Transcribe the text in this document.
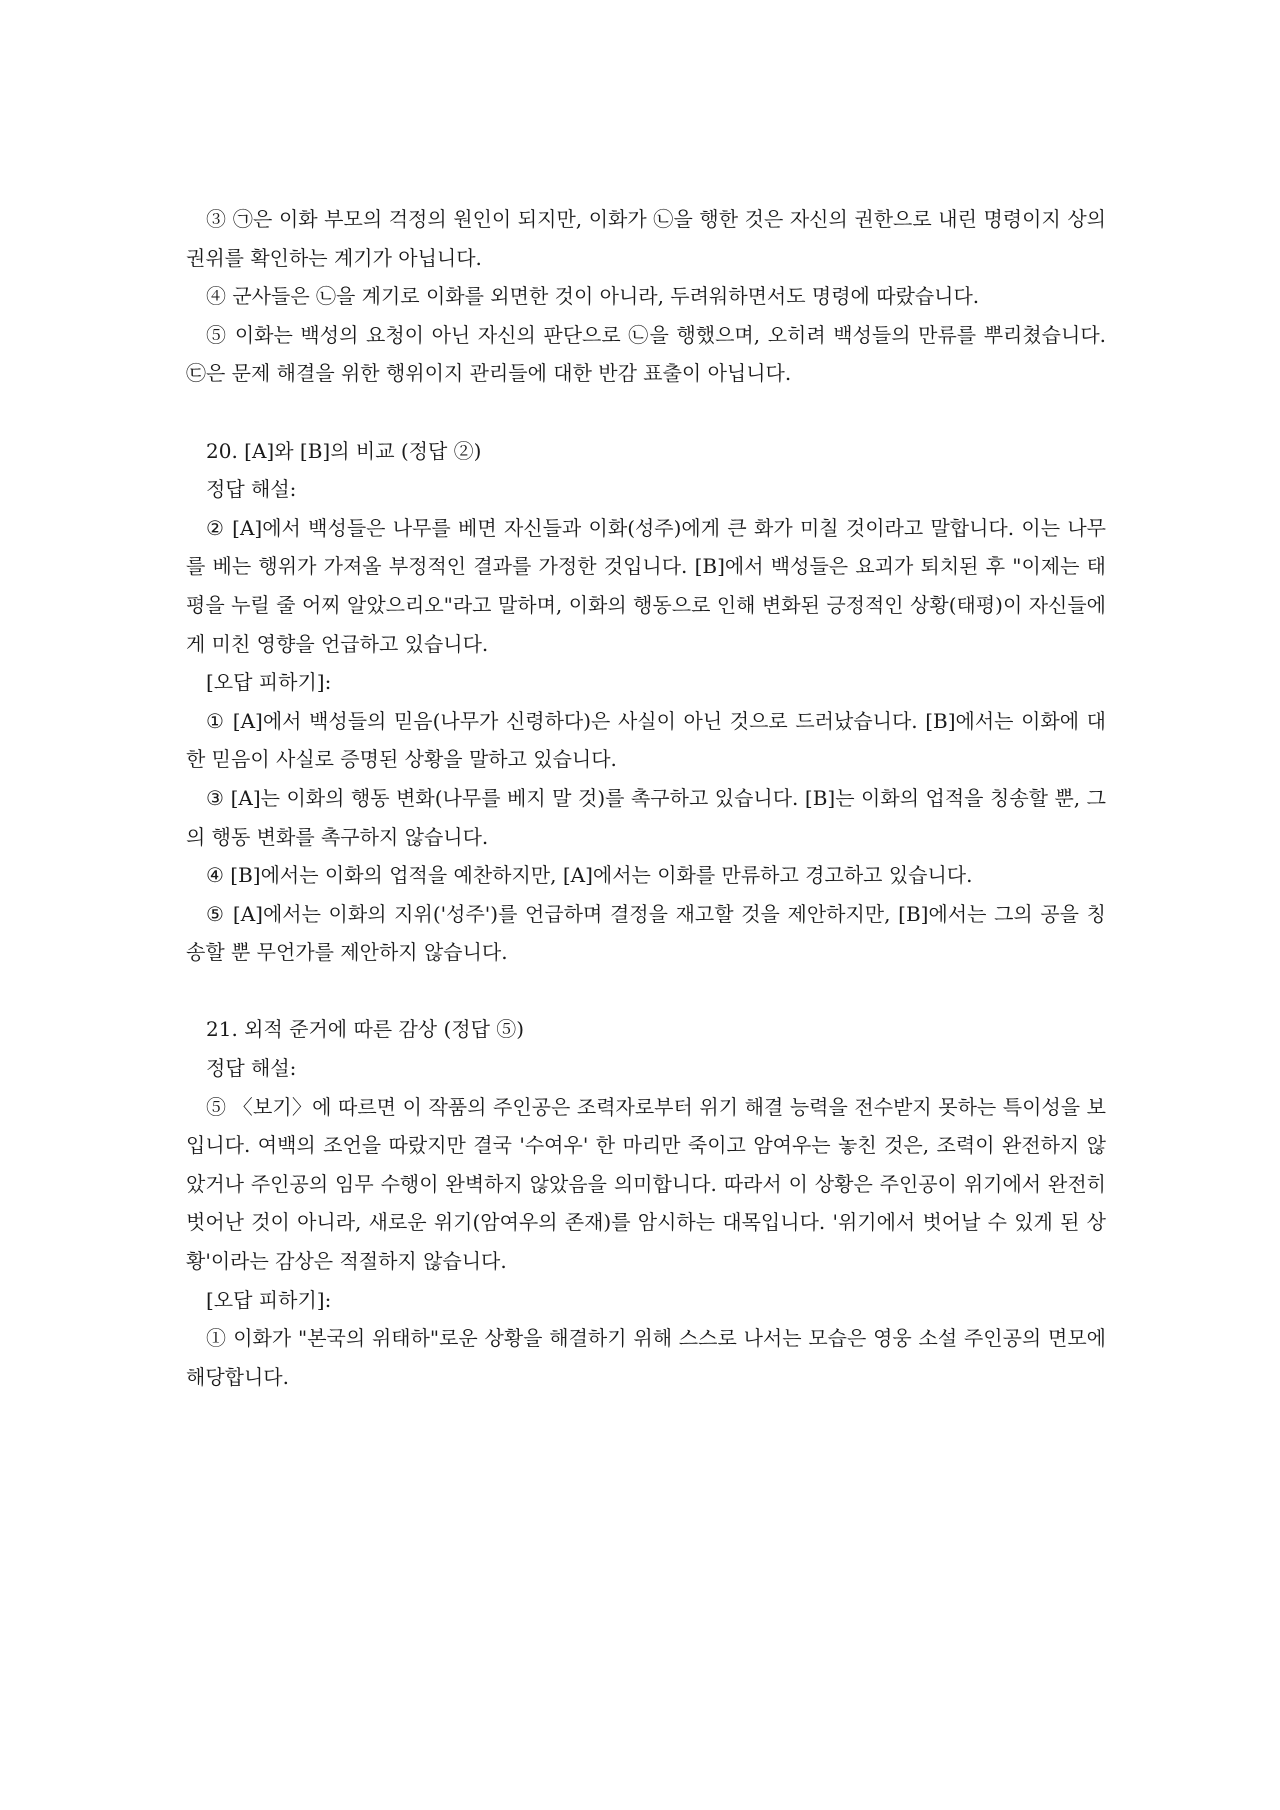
③ ㉠은 이화 부모의 걱정의 원인이 되지만, 이화가 ㉡을 행한 것은 자신의 권한으로 내린 명령이지 상의 권위를 확인하는 계기가 아닙니다.

④ 군사들은 ㉡을 계기로 이화를 외면한 것이 아니라, 두려워하면서도 명령에 따랐습니다.

⑤ 이화는 백성의 요청이 아닌 자신의 판단으로 ㉡을 행했으며, 오히려 백성들의 만류를 뿌리쳤습니다. ㉢은 문제 해결을 위한 행위이지 관리들에 대한 반감 표출이 아닙니다.

20. [A]와 [B]의 비교 (정답 ②)

정답 해설:

② [A]에서 백성들은 나무를 베면 자신들과 이화(성주)에게 큰 화가 미칠 것이라고 말합니다. 이는 나무를 베는 행위가 가져올 부정적인 결과를 가정한 것입니다. [B]에서 백성들은 요괴가 퇴치된 후 "이제는 태평을 누릴 줄 어찌 알았으리오"라고 말하며, 이화의 행동으로 인해 변화된 긍정적인 상황(태평)이 자신들에게 미친 영향을 언급하고 있습니다.

[오답 피하기]:

① [A]에서 백성들의 믿음(나무가 신령하다)은 사실이 아닌 것으로 드러났습니다. [B]에서는 이화에 대한 믿음이 사실로 증명된 상황을 말하고 있습니다.

③ [A]는 이화의 행동 변화(나무를 베지 말 것)를 촉구하고 있습니다. [B]는 이화의 업적을 칭송할 뿐, 그의 행동 변화를 촉구하지 않습니다.

④ [B]에서는 이화의 업적을 예찬하지만, [A]에서는 이화를 만류하고 경고하고 있습니다.

⑤ [A]에서는 이화의 지위('성주')를 언급하며 결정을 재고할 것을 제안하지만, [B]에서는 그의 공을 칭송할 뿐 무언가를 제안하지 않습니다.

21. 외적 준거에 따른 감상 (정답 ⑤)

정답 해설:

⑤ 〈보기〉에 따르면 이 작품의 주인공은 조력자로부터 위기 해결 능력을 전수받지 못하는 특이성을 보입니다. 여백의 조언을 따랐지만 결국 '수여우' 한 마리만 죽이고 암여우는 놓친 것은, 조력이 완전하지 않았거나 주인공의 임무 수행이 완벽하지 않았음을 의미합니다. 따라서 이 상황은 주인공이 위기에서 완전히 벗어난 것이 아니라, 새로운 위기(암여우의 존재)를 암시하는 대목입니다. '위기에서 벗어날 수 있게 된 상황'이라는 감상은 적절하지 않습니다.

[오답 피하기]:

① 이화가 "본국의 위태하"로운 상황을 해결하기 위해 스스로 나서는 모습은 영웅 소설 주인공의 면모에 해당합니다.
